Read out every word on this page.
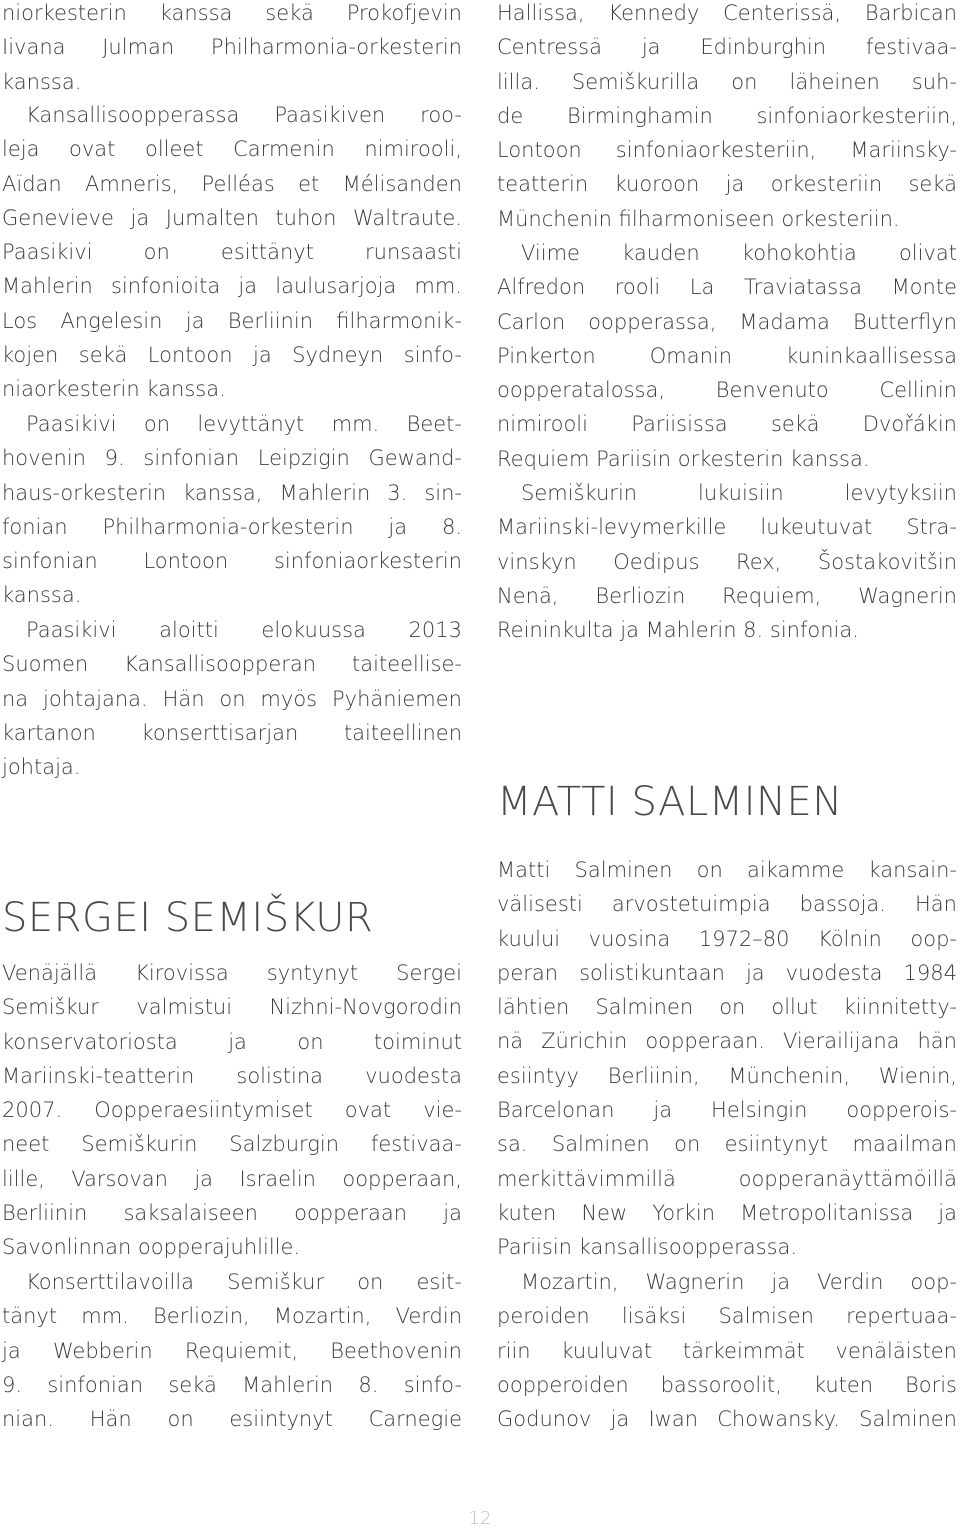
niorkesterin kanssa sekä Prokofjevin
Iivana Julman Philharmonia-orkesterin
kanssa.
Kansallisoopperassa Paasikiven roo-
leja ovat olleet Carmenin nimirooli,
Aïdan Amneris, Pelléas et Mélisanden
Genevieve ja Jumalten tuhon Waltraute.
Paasikivi on esittänyt runsaasti
Mahlerin sinfonioita ja laulusarjoja mm.
Los Angelesin ja Berliinin filharmonik-
kojen sekä Lontoon ja Sydneyn sinfo-
niaorkesterin kanssa.
Paasikivi on levyttänyt mm. Beet-
hovenin 9. sinfonian Leipzigin Gewand-
haus-orkesterin kanssa, Mahlerin 3. sin-
fonian Philharmonia-orkesterin ja 8.
sinfonian Lontoon sinfoniaorkesterin
kanssa.
Paasikivi aloitti elokuussa 2013
Suomen Kansallisoopperan taiteellise-
na johtajana. Hän on myös Pyhäniemen
kartanon konserttisarjan taiteellinen
johtaja.
SERGEI SEMIŠKUR
Venäjällä Kirovissa syntynyt Sergei
Semiškur valmistui Nizhni-Novgorodin
konservatoriosta ja on toiminut
Mariinski-teatterin solistina vuodesta
2007. Oopperaesiintymiset ovat vie-
neet Semiškurin Salzburgin festivaa-
lille, Varsovan ja Israelin oopperaan,
Berliinin saksalaiseen oopperaan ja
Savonlinnan oopperajuhlille.
Konserttilavoilla Semiškur on esit-
tänyt mm. Berliozin, Mozartin, Verdin
ja Webberin Requiemit, Beethovenin
9. sinfonian sekä Mahlerin 8. sinfo-
nian. Hän on esiintynyt Carnegie
Hallissa, Kennedy Centerissä, Barbican
Centressä ja Edinburghin festivaa-
lilla. Semiškurilla on läheinen suh-
de Birminghamin sinfoniaorkesteriin,
Lontoon sinfoniaorkesteriin, Mariinsky-
teatterin kuoroon ja orkesteriin sekä
Münchenin filharmoniseen orkesteriin.
Viime kauden kohokohtia olivat
Alfredon rooli La Traviatassa Monte
Carlon oopperassa, Madama Butterflyn
Pinkerton Omanin kuninkaallisessa
oopperatalossa, Benvenuto Cellinin
nimirooli Pariisissa sekä Dvořákin
Requiem Pariisin orkesterin kanssa.
Semiškurin lukuisiin levytyksiin
Mariinski-levymerkille lukeutuvat Stra-
vinskyn Oedipus Rex, Šostakovitšin
Nenä, Berliozin Requiem, Wagnerin
Reininkulta ja Mahlerin 8. sinfonia.
MATTI SALMINEN
Matti Salminen on aikamme kansain-
välisesti arvostetuimpia bassoja. Hän
kuului vuosina 1972–80 Kölnin oop-
peran solistikuntaan ja vuodesta 1984
lähtien Salminen on ollut kiinnitetty-
nä Zürichin oopperaan. Vierailijana hän
esiintyy Berliinin, Münchenin, Wienin,
Barcelonan ja Helsingin oopperois-
sa. Salminen on esiintynyt maailman
merkittävimmillä oopperanäyttämöillä
kuten New Yorkin Metropolitanissa ja
Pariisin kansallisoopperassa.
Mozartin, Wagnerin ja Verdin oop-
peroiden lisäksi Salmisen repertuaa-
riin kuuluvat tärkeimmät venäläisten
oopperoiden bassoroolit, kuten Boris
Godunov ja Iwan Chowansky. Salminen
12
